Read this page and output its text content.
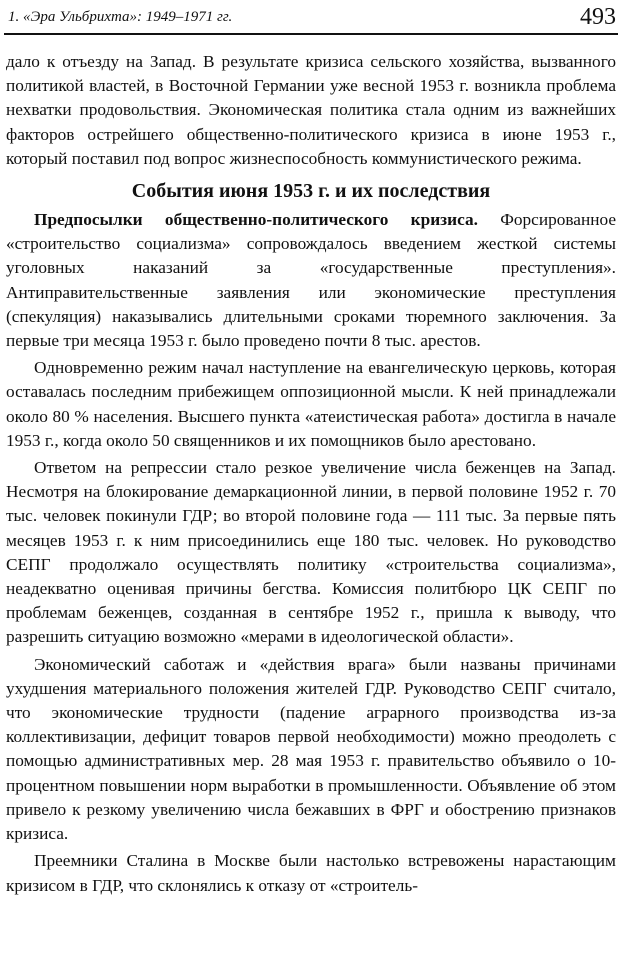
1. «Эра Ульбрихта»: 1949–1971 гг.	493

дало к отъезду на Запад. В результате кризиса сельского хозяйства, вызванного политикой властей, в Восточной Германии уже весной 1953 г. возникла проблема нехватки продовольствия. Экономическая политика стала одним из важнейших факторов острейшего общественно-политического кризиса в июне 1953 г., который поставил под вопрос жизнеспособность коммунистического режима.

События июня 1953 г. и их последствия

Предпосылки общественно-политического кризиса. Форсированное «строительство социализма» сопровождалось введением жесткой системы уголовных наказаний за «государственные преступления». Антиправительственные заявления или экономические преступления (спекуляция) наказывались длительными сроками тюремного заключения. За первые три месяца 1953 г. было проведено почти 8 тыс. арестов.

Одновременно режим начал наступление на евангелическую церковь, которая оставалась последним прибежищем оппозиционной мысли. К ней принадлежали около 80 % населения. Высшего пункта «атеистическая работа» достигла в начале 1953 г., когда около 50 священников и их помощников было арестовано.

Ответом на репрессии стало резкое увеличение числа беженцев на Запад. Несмотря на блокирование демаркационной линии, в первой половине 1952 г. 70 тыс. человек покинули ГДР; во второй половине года — 111 тыс. За первые пять месяцев 1953 г. к ним присоединились еще 180 тыс. человек. Но руководство СЕПГ продолжало осуществлять политику «строительства социализма», неадекватно оценивая причины бегства. Комиссия политбюро ЦК СЕПГ по проблемам беженцев, созданная в сентябре 1952 г., пришла к выводу, что разрешить ситуацию возможно «мерами в идеологической области».

Экономический саботаж и «действия врага» были названы причинами ухудшения материального положения жителей ГДР. Руководство СЕПГ считало, что экономические трудности (падение аграрного производства из-за коллективизации, дефицит товаров первой необходимости) можно преодолеть с помощью административных мер. 28 мая 1953 г. правительство объявило о 10-процентном повышении норм выработки в промышленности. Объявление об этом привело к резкому увеличению числа бежавших в ФРГ и обострению признаков кризиса.

Преемники Сталина в Москве были настолько встревожены нарастающим кризисом в ГДР, что склонялись к отказу от «строитель-
